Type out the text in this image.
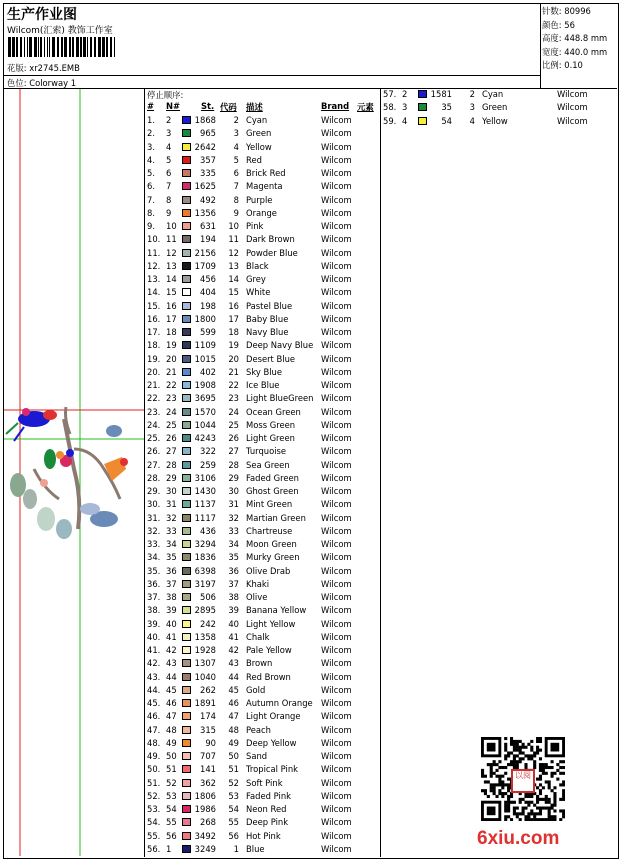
生产作业图
Wilcom(汇索) 教饰工作室
花版: xr2745.EMB
色位: Colorway 1
针数: 80996
颜色: 56
高度: 448.8 mm
宽度: 440.0 mm
比例: 0.10
停止顺序:
# N# St. 代码 描述	Brand 元素
1. 2	1868	2 Cyan	Wilcom
2. 3	965	3 Green	Wilcom
3. 4	2642	4 Yellow	Wilcom
4. 5	357	5 Red	Wilcom
5. 6	335	6 Brick Red	Wilcom
6. 7	1625	7 Magenta	Wilcom
7. 8	492	8 Purple	Wilcom
8. 9	1356	9 Orange	Wilcom
9. 10	631	10 Pink	Wilcom
10. 11	194	11 Dark Brown	Wilcom
11. 12	2156	12 Powder Blue	Wilcom
12. 13	1709	13 Black	Wilcom
13. 14	456	14 Grey	Wilcom
14. 15	404	15 White	Wilcom
15. 16	198	16 Pastel Blue	Wilcom
16. 17	1800	17 Baby Blue	Wilcom
17. 18	599	18 Navy Blue	Wilcom
18. 19	1109	19 Deep Navy Blue Wilcom
19. 20	1015	20 Desert Blue	Wilcom
20. 21	402	21 Sky Blue	Wilcom
21. 22	1908	22 Ice Blue	Wilcom
22. 23	3695	23 Light BlueGreen Wilcom
23. 24	1570	24 Ocean Green Wilcom
24. 25	1044	25 Moss Green	Wilcom
25. 26	4243	26 Light Green	Wilcom
26. 27	322	27 Turquoise	Wilcom
27. 28	259	28 Sea Green	Wilcom
28. 29	3106	29 Faded Green	Wilcom
29. 30	1430	30 Ghost Green	Wilcom
30. 31	1137	31 Mint Green	Wilcom
31. 32	1117	32 Martian Green Wilcom
32. 33	436	33 Chartreuse	Wilcom
33. 34	3294	34 Moon Green	Wilcom
34. 35	1836	35 Murky Green	Wilcom
35. 36	6398	36 Olive Drab	Wilcom
36. 37	3197	37 Khaki	Wilcom
37. 38	506	38 Olive	Wilcom
38. 39	2895	39 Banana Yellow Wilcom
39. 40	242	40 Light Yellow	Wilcom
40. 41	1358	41 Chalk	Wilcom
41. 42	1928	42 Pale Yellow	Wilcom
42. 43	1307	43 Brown	Wilcom
43. 44	1040	44 Red Brown	Wilcom
44. 45	262	45 Gold	Wilcom
45. 46	1891	46 Autumn Orange Wilcom
46. 47	174	47 Light Orange Wilcom
47. 48	315	48 Peach	Wilcom
48. 49	90	49 Deep Yellow	Wilcom
49. 50	707	50 Sand	Wilcom
50. 51	141	51 Tropical Pink	Wilcom
51. 52	362	52 Soft Pink	Wilcom
52. 53	1806	53 Faded Pink	Wilcom
53. 54	1986	54 Neon Red	Wilcom
54. 55	268	55 Deep Pink	Wilcom
55. 56	3492	56 Hot Pink	Wilcom
56. 1	3249	1 Blue	Wilcom
57. 2	1581	2 Cyan	Wilcom
58. 3	35	3 Green	Wilcom
59. 4	54	4 Yellow	Wilcom
以阅
6xiu.com
